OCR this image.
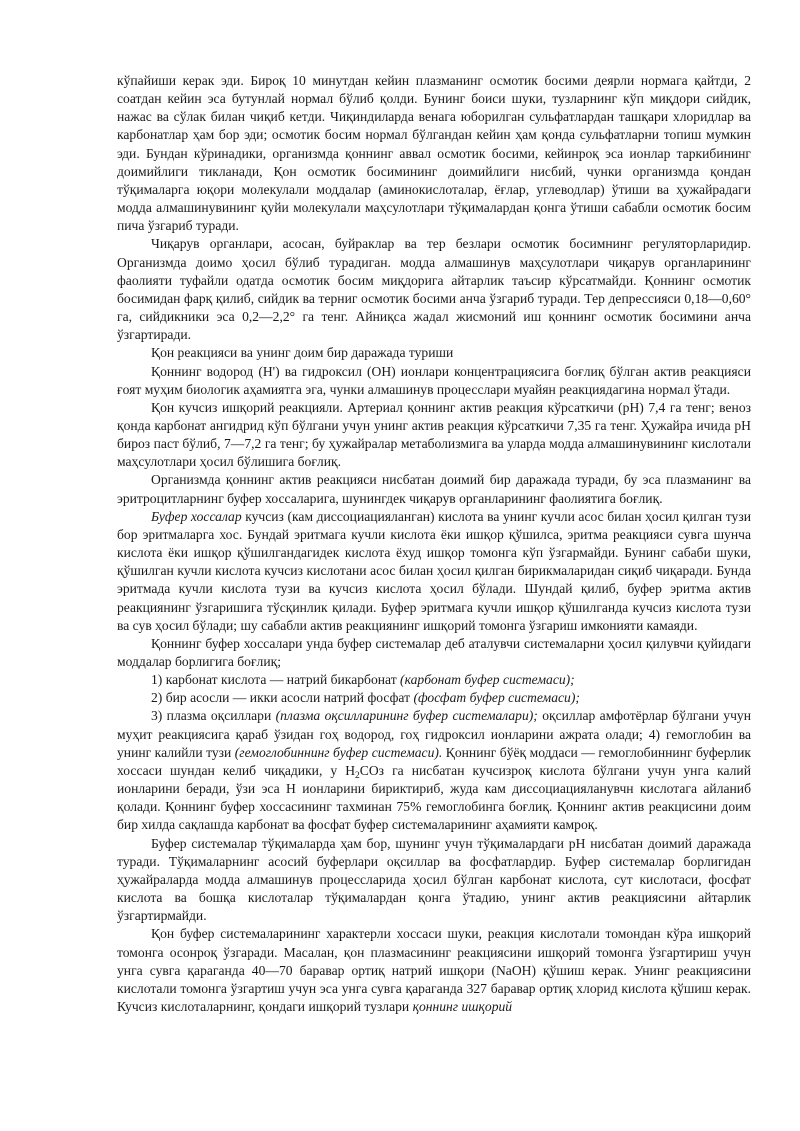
кўпайиши керак эди. Бироқ 10 минутдан кейин плазманинг осмотик босими деярли нормага қайтди, 2 соатдан кейин эса бутунлай нормал бўлиб қолди. Бунинг боиси шуки, тузларнинг кўп миқдори сийдик, нажас ва сўлак билан чиқиб кетди. Чиқиндиларда венага юборилган сульфатлардан ташқари хлоридлар ва карбонатлар ҳам бор эди; осмотик босим нормал бўлгандан кейин ҳам қонда сульфатларни топиш мумкин эди. Бундан кўринадики, организмда қоннинг аввал осмотик босими, кейинроқ эса ионлар таркибининг доимийлиги тикланади, Қон осмотик босимининг доимийлиги нисбий, чунки организмда қондан тўқималарга юқори молекулали моддалар (аминокислоталар, ёғлар, углеводлар) ўтиши ва ҳужайрадаги модда алмашинувининг қуйи молекулали маҳсулотлари тўқималардан қонга ўтиши сабабли осмотик босим пича ўзгариб туради.

Чиқарув органлари, асосан, буйраклар ва тер безлари осмотик босимнинг регуляторларидир. Организмда доимо ҳосил бўлиб турадиган. модда алмашинув маҳсулотлари чиқарув органларининг фаолияти туфайли одатда осмотик босим миқдорига айтарлик таъсир кўрсатмайди. Қоннинг осмотик босимидан фарқ қилиб, сийдик ва терниг осмотик босими анча ўзгариб туради. Тер депрессияси 0,18—0,60° га, сийдикники эса 0,2—2,2° га тенг. Айниқса жадал жисмоний иш қоннинг осмотик босимини анча ўзгартиради.

Қон реакцияси ва унинг доим бир даражада туриши

Қоннинг водород (Н') ва гидроксил (ОН) ионлари концентрациясига боғлиқ бўлган актив реакцияси ғоят муҳим биологик аҳамиятга эга, чунки алмашинув процесслари муайян реакциядагина нормал ўтади.

Қон кучсиз ишқорий реакцияли. Артериал қоннинг актив реакция кўрсаткичи (рН) 7,4 га тенг; веноз қонда карбонат ангидрид кўп бўлгани учун унинг актив реакция кўрсаткичи 7,35 га тенг. Ҳужайра ичида рН бироз паст бўлиб, 7—7,2 га тенг; бу ҳужайралар метаболизмига ва уларда модда алмашинувининг кислотали маҳсулотлари ҳосил бўлишига боғлиқ.

Организмда қоннинг актив реакцияси нисбатан доимий бир даражада туради, бу эса плазманинг ва эритроцитларнинг буфер хоссаларига, шунингдек чиқарув органларининг фаолиятига боғлиқ.

Буфер хоссалар кучсиз (кам диссоциацияланган) кислота ва унинг кучли асос билан ҳосил қилган тузи бор эритмаларга хос. Бундай эритмага кучли кислота ёки ишқор қўшилса, эритма реакцияси сувга шунча кислота ёки ишқор қўшилгандагидек кислота ёхуд ишқор томонга кўп ўзгармайди. Бунинг сабаби шуки, қўшилган кучли кислота кучсиз кислотани асос билан ҳосил қилган бирикмаларидан сиқиб чиқаради. Бунда эритмада кучли кислота тузи ва кучсиз кислота ҳосил бўлади. Шундай қилиб, буфер эритма актив реакциянинг ўзгаришига тўсқинлик қилади. Буфер эритмага кучли ишқор қўшилганда кучсиз кислота тузи ва сув ҳосил бўлади; шу сабабли актив реакциянинг ишқорий томонга ўзгариш имконияти камаяди.

Қоннинг буфер хоссалари унда буфер системалар деб аталувчи системаларни ҳосил қилувчи қуйидаги моддалар борлигига боғлиқ;

1) карбонат кислота — натрий бикарбонат (карбонат буфер системаси);

2) бир асосли — икки асосли натрий фосфат (фосфат буфер системаси);

3) плазма оқсиллари (плазма оқсилларининг буфер системалари); оқсиллар амфотёрлар бўлгани учун муҳит реакциясига қараб ўзидан гоҳ водород, гоҳ гидроксил ионларини ажрата олади; 4) гемоглобин ва унинг калийли тузи (гемоглобиннинг буфер системаси). Қоннинг бўёқ моддаси — гемоглобиннинг буферлик хоссаси шундан келиб чиқадики, у $Н_2СОз$ га нисбатан кучсизроқ кислота бўлгани учун унга калий ионларини беради, ўзи эса Н ионларини бириктириб, жуда кам диссоциацияланувчн кислотага айланиб қолади. Қоннинг буфер хоссасининг тахминан 75% гемоглобинга боғлиқ. Қоннинг актив реакцисини доим бир хилда сақлашда карбонат ва фосфат буфер системаларининг аҳамияти камроқ.

Буфер системалар тўқималарда ҳам бор, шунинг учун тўқималардаги рН нисбатан доимий даражада туради. Тўқималарнинг асосий буферлари оқсиллар ва фосфатлардир. Буфер системалар борлигидан ҳужайраларда модда алмашинув процессларида ҳосил бўлган карбонат кислота, сут кислотаси, фосфат кислота ва бошқа кислоталар тўқималардан қонга ўтадию, унинг актив реакциясини айтарлик ўзгартирмайди.

Қон буфер системаларининг характерли хоссаси шуки, реакция кислотали томондан кўра ишқорий томонга осонроқ ўзгаради. Масалан, қон плазмасининг реакциясини ишқорий томонга ўзгартириш учун унга сувга қараганда 40—70 баравар ортиқ натрий ишқори (NaOH) қўшиш керак. Унинг реакциясини кислотали томонга ўзгартиш учун эса унга сувга қараганда 327 баравар ортиқ хлорид кислота қўшиш керак. Кучсиз кислоталарнинг, қондаги ишқорий тузлари қоннинг ишқорий
